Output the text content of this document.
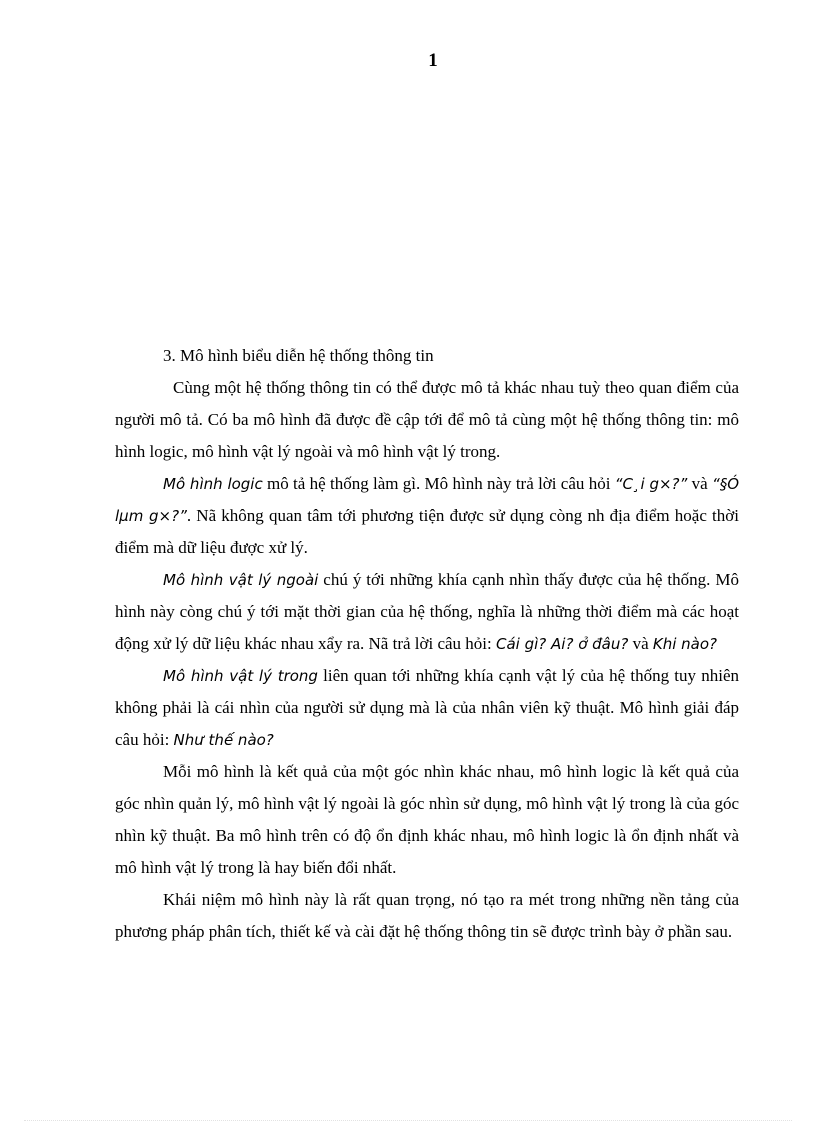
1

3. Mô hình biểu diễn hệ thống thông tin

Cùng một hệ thống thông tin có thể được mô tả khác nhau tuỳ theo quan điểm của người mô tả. Có ba mô hình đã được đề cập tới để mô tả cùng một hệ thống thông tin: mô hình logic, mô hình vật lý ngoài và mô hình vật lý trong.

Mô hình logic mô tả hệ thống làm gì. Mô hình này trả lời câu hỏi “C¸i g×?” và “§Ó lµm g×?”. Nã không quan tâm tới phương tiện được sử dụng còng nh địa điểm hoặc thời điểm mà dữ liệu được xử lý.

Mô hình vật lý ngoài chú ý tới những khía cạnh nhìn thấy được của hệ thống. Mô hình này còng chú ý tới mặt thời gian của hệ thống, nghĩa là những thời điểm mà các hoạt động xử lý dữ liệu khác nhau xẩy ra. Nã trả lời câu hỏi: Cái gì? Ai? ở đâu? và Khi nào?

Mô hình vật lý trong liên quan tới những khía cạnh vật lý của hệ thống tuy nhiên không phải là cái nhìn của người sử dụng mà là của nhân viên kỹ thuật. Mô hình giải đáp câu hỏi: Như thế nào?

Mỗi mô hình là kết quả của một góc nhìn khác nhau, mô hình logic là kết quả của góc nhìn quản lý, mô hình vật lý ngoài là góc nhìn sử dụng, mô hình vật lý trong là của góc nhìn kỹ thuật. Ba mô hình trên có độ ổn định khác nhau, mô hình logic là ổn định nhất và mô hình vật lý trong là hay biến đổi nhất.

Khái niệm mô hình này là rất quan trọng, nó tạo ra mét trong những nền tảng của phương pháp phân tích, thiết kế và cài đặt hệ thống thông tin sẽ được trình bày ở phần sau.
